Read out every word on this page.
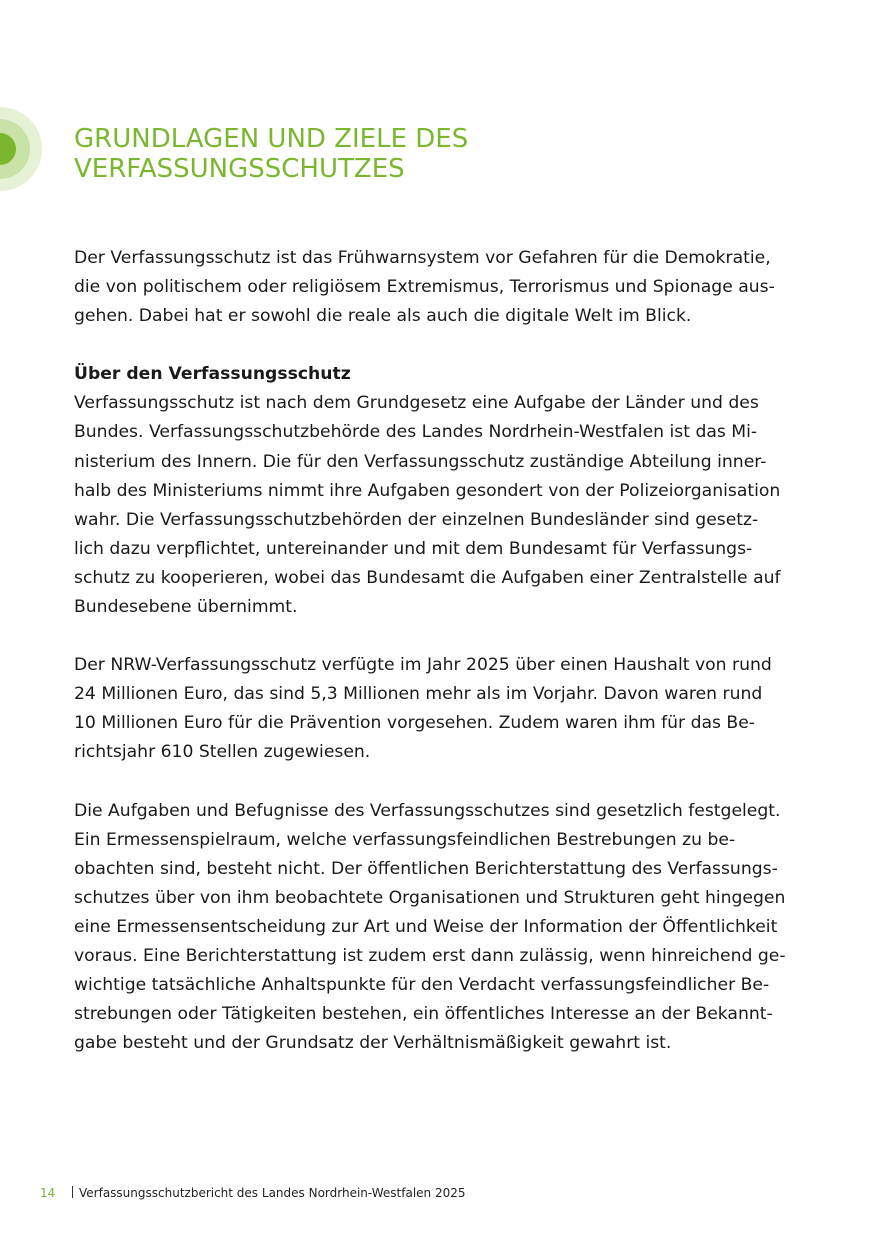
GRUNDLAGEN UND ZIELE DES
VERFASSUNGSSCHUTZES

Der Verfassungsschutz ist das Frühwarnsystem vor Gefahren für die Demokratie,
die von politischem oder religiösem Extremismus, Terrorismus und Spionage aus-
gehen. Dabei hat er sowohl die reale als auch die digitale Welt im Blick.

Über den Verfassungsschutz
Verfassungsschutz ist nach dem Grundgesetz eine Aufgabe der Länder und des
Bundes. Verfassungsschutzbehörde des Landes Nordrhein-Westfalen ist das Mi-
nisterium des Innern. Die für den Verfassungsschutz zuständige Abteilung inner-
halb des Ministeriums nimmt ihre Aufgaben gesondert von der Polizeiorganisation
wahr. Die Verfassungsschutzbehörden der einzelnen Bundesländer sind gesetz-
lich dazu verpflichtet, untereinander und mit dem Bundesamt für Verfassungs-
schutz zu kooperieren, wobei das Bundesamt die Aufgaben einer Zentralstelle auf
Bundesebene übernimmt.

Der NRW-Verfassungsschutz verfügte im Jahr 2025 über einen Haushalt von rund
24 Millionen Euro, das sind 5,3 Millionen mehr als im Vorjahr. Davon waren rund
10 Millionen Euro für die Prävention vorgesehen. Zudem waren ihm für das Be-
richtsjahr 610 Stellen zugewiesen.

Die Aufgaben und Befugnisse des Verfassungsschutzes sind gesetzlich festgelegt.
Ein Ermessenspielraum, welche verfassungsfeindlichen Bestrebungen zu be-
obachten sind, besteht nicht. Der öffentlichen Berichterstattung des Verfassungs-
schutzes über von ihm beobachtete Organisationen und Strukturen geht hingegen
eine Ermessensentscheidung zur Art und Weise der Information der Öffentlichkeit
voraus. Eine Berichterstattung ist zudem erst dann zulässig, wenn hinreichend ge-
wichtige tatsächliche Anhaltspunkte für den Verdacht verfassungsfeindlicher Be-
strebungen oder Tätigkeiten bestehen, ein öffentliches Interesse an der Bekannt-
gabe besteht und der Grundsatz der Verhältnismäßigkeit gewahrt ist.

14 Verfassungsschutzbericht des Landes Nordrhein-Westfalen 2025
